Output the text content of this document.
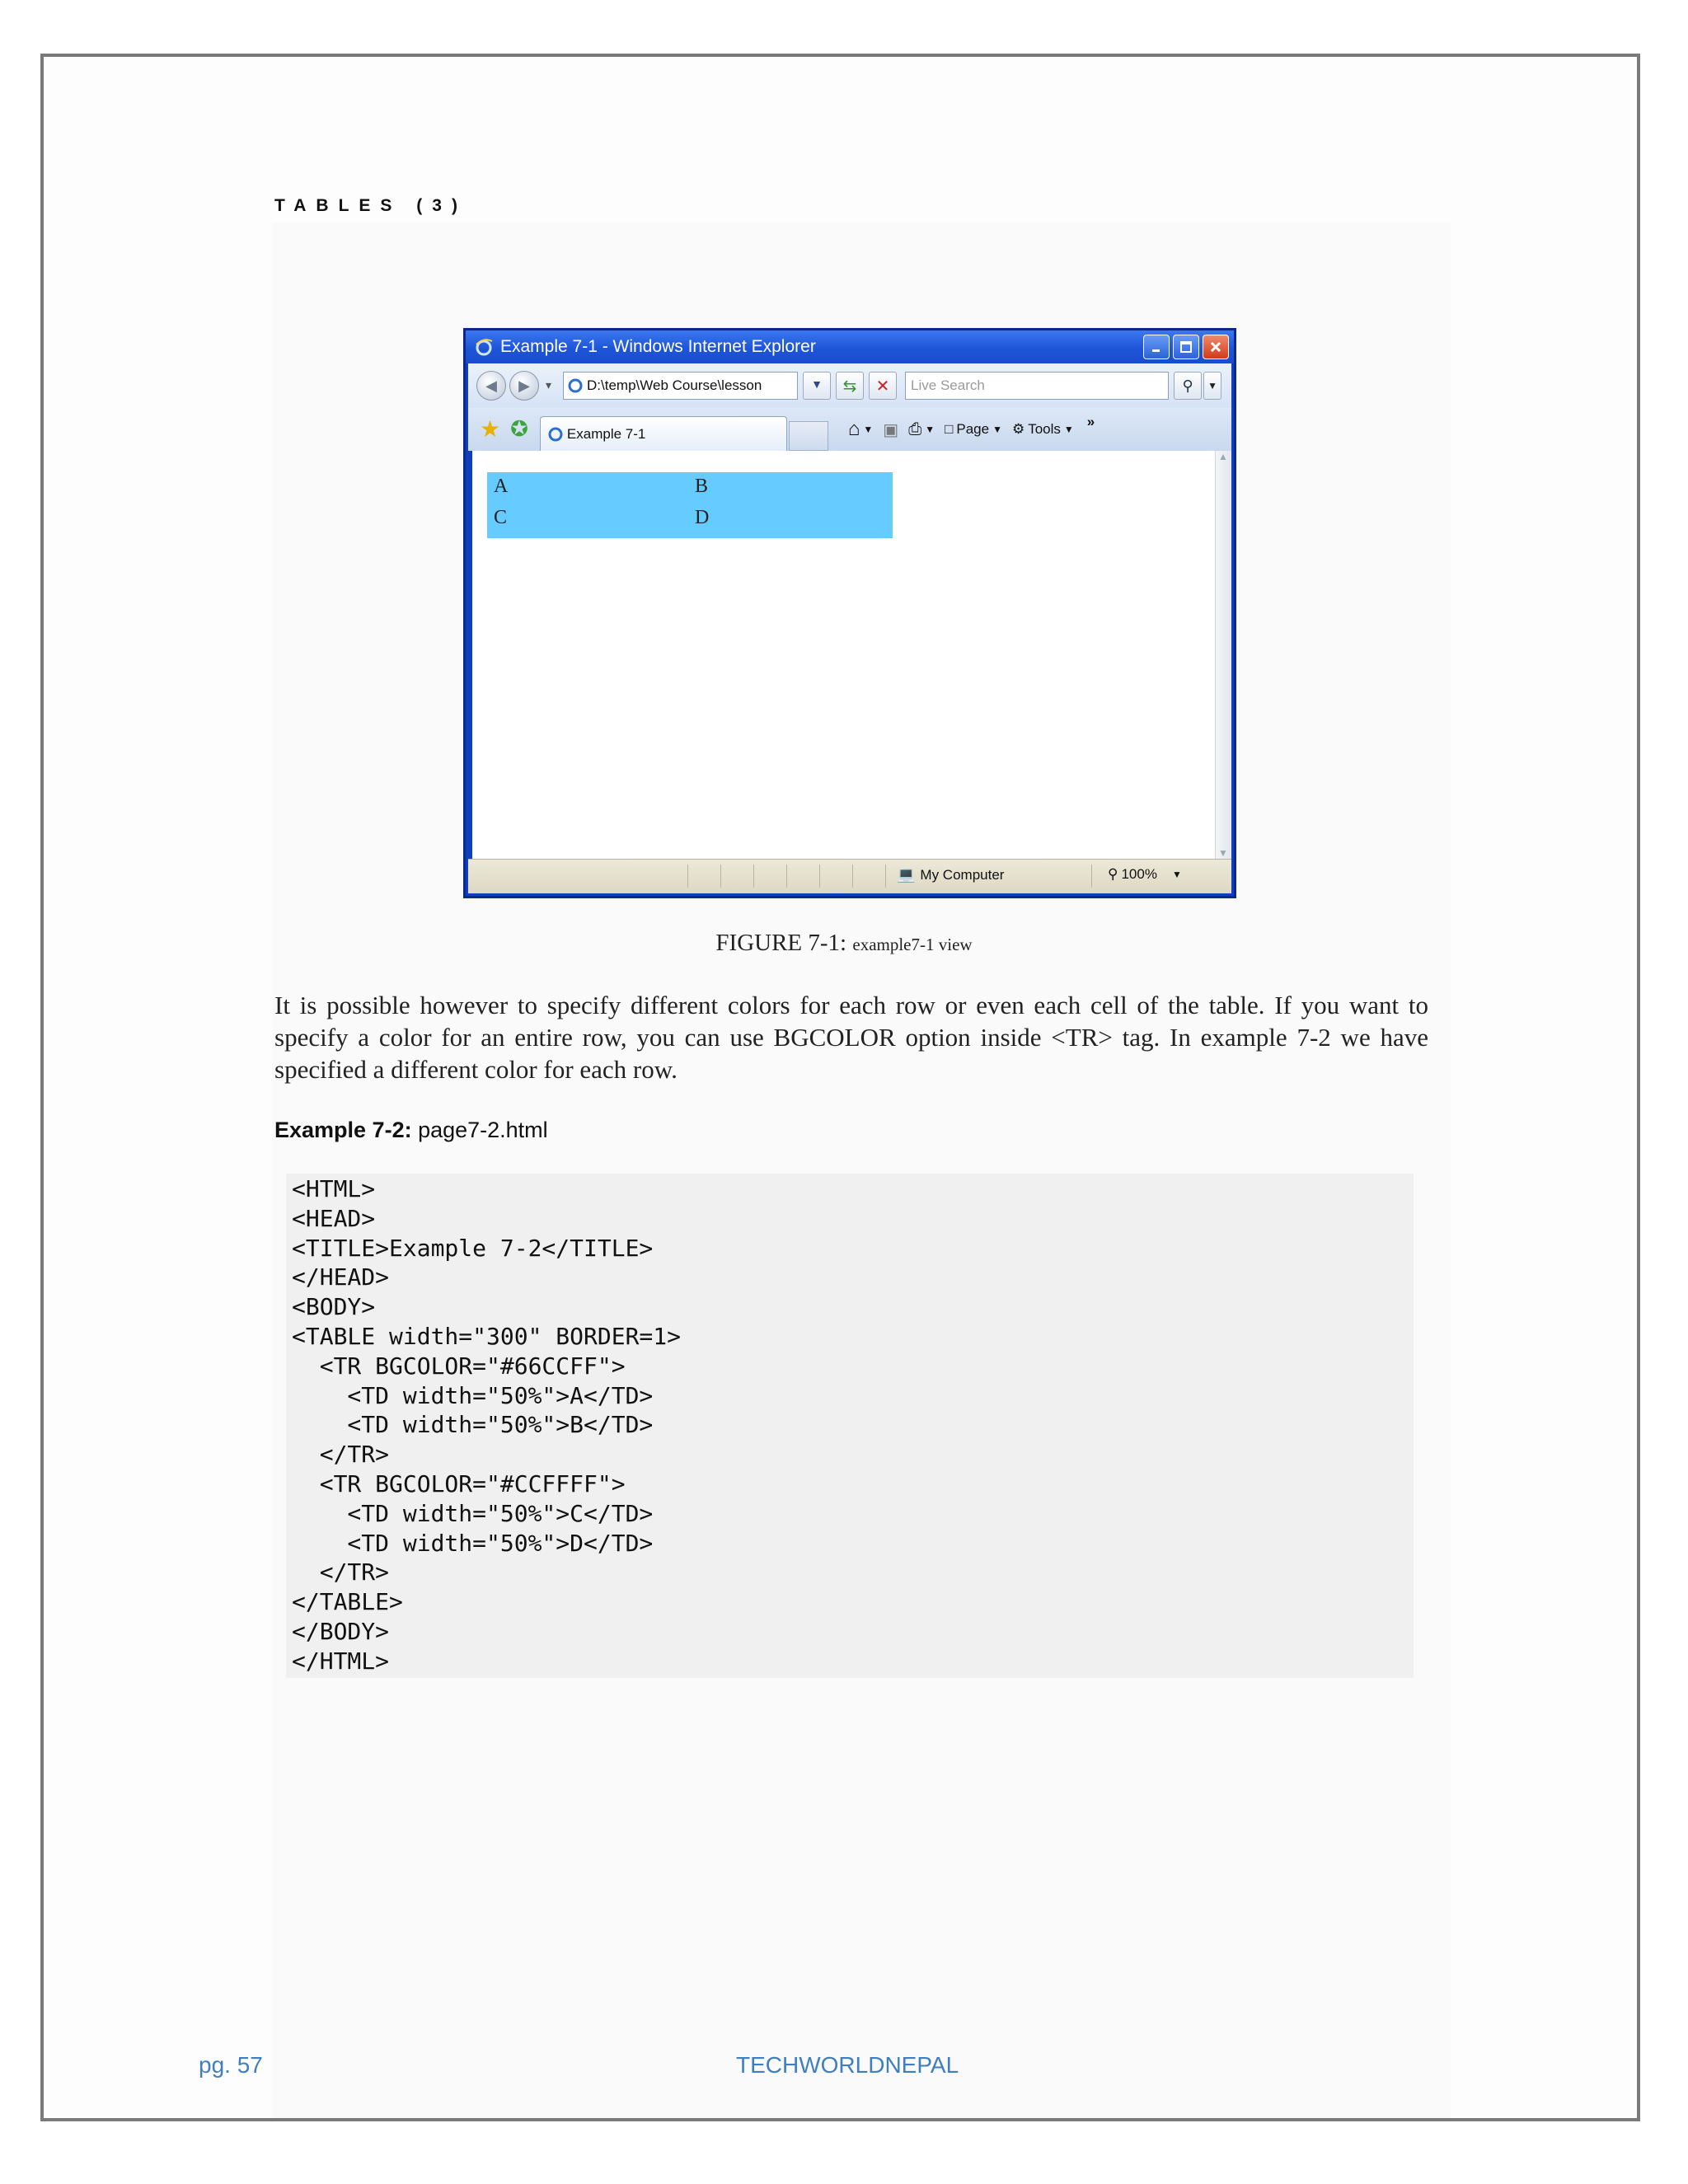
TABLES (3)
Example 7-1 - Windows Internet Explorer
◀ ▶ ▾	D:\temp\Web Course\lesson	▼ ⇆ ✕	Live Search	⚲ ▼
★ ✪	Example 7-1	⌂ ▼ ▣ ⎙ ▼ □ Page ▼ ⚙ Tools ▼ »
A	B
C	D
▲
▼
💻 My Computer	⚲ 100% ▼
FIGURE 7-1: example7-1 view
It is possible however to specify different colors for each row or even each cell of the table. If you want to specify a color for an entire row, you can use BGCOLOR option inside <TR> tag. In example 7-2 we have specified a different color for each row.
Example 7-2: page7-2.html
<HTML>
<HEAD>
<TITLE>Example 7-2</TITLE>
</HEAD>
<BODY>
<TABLE width="300" BORDER=1>
<TR BGCOLOR="#66CCFF">
<TD width="50%">A</TD>
<TD width="50%">B</TD>
</TR>
<TR BGCOLOR="#CCFFFF">
<TD width="50%">C</TD>
<TD width="50%">D</TD>
</TR>
</TABLE>
</BODY>
</HTML>
pg. 57	TECHWORLDNEPAL
